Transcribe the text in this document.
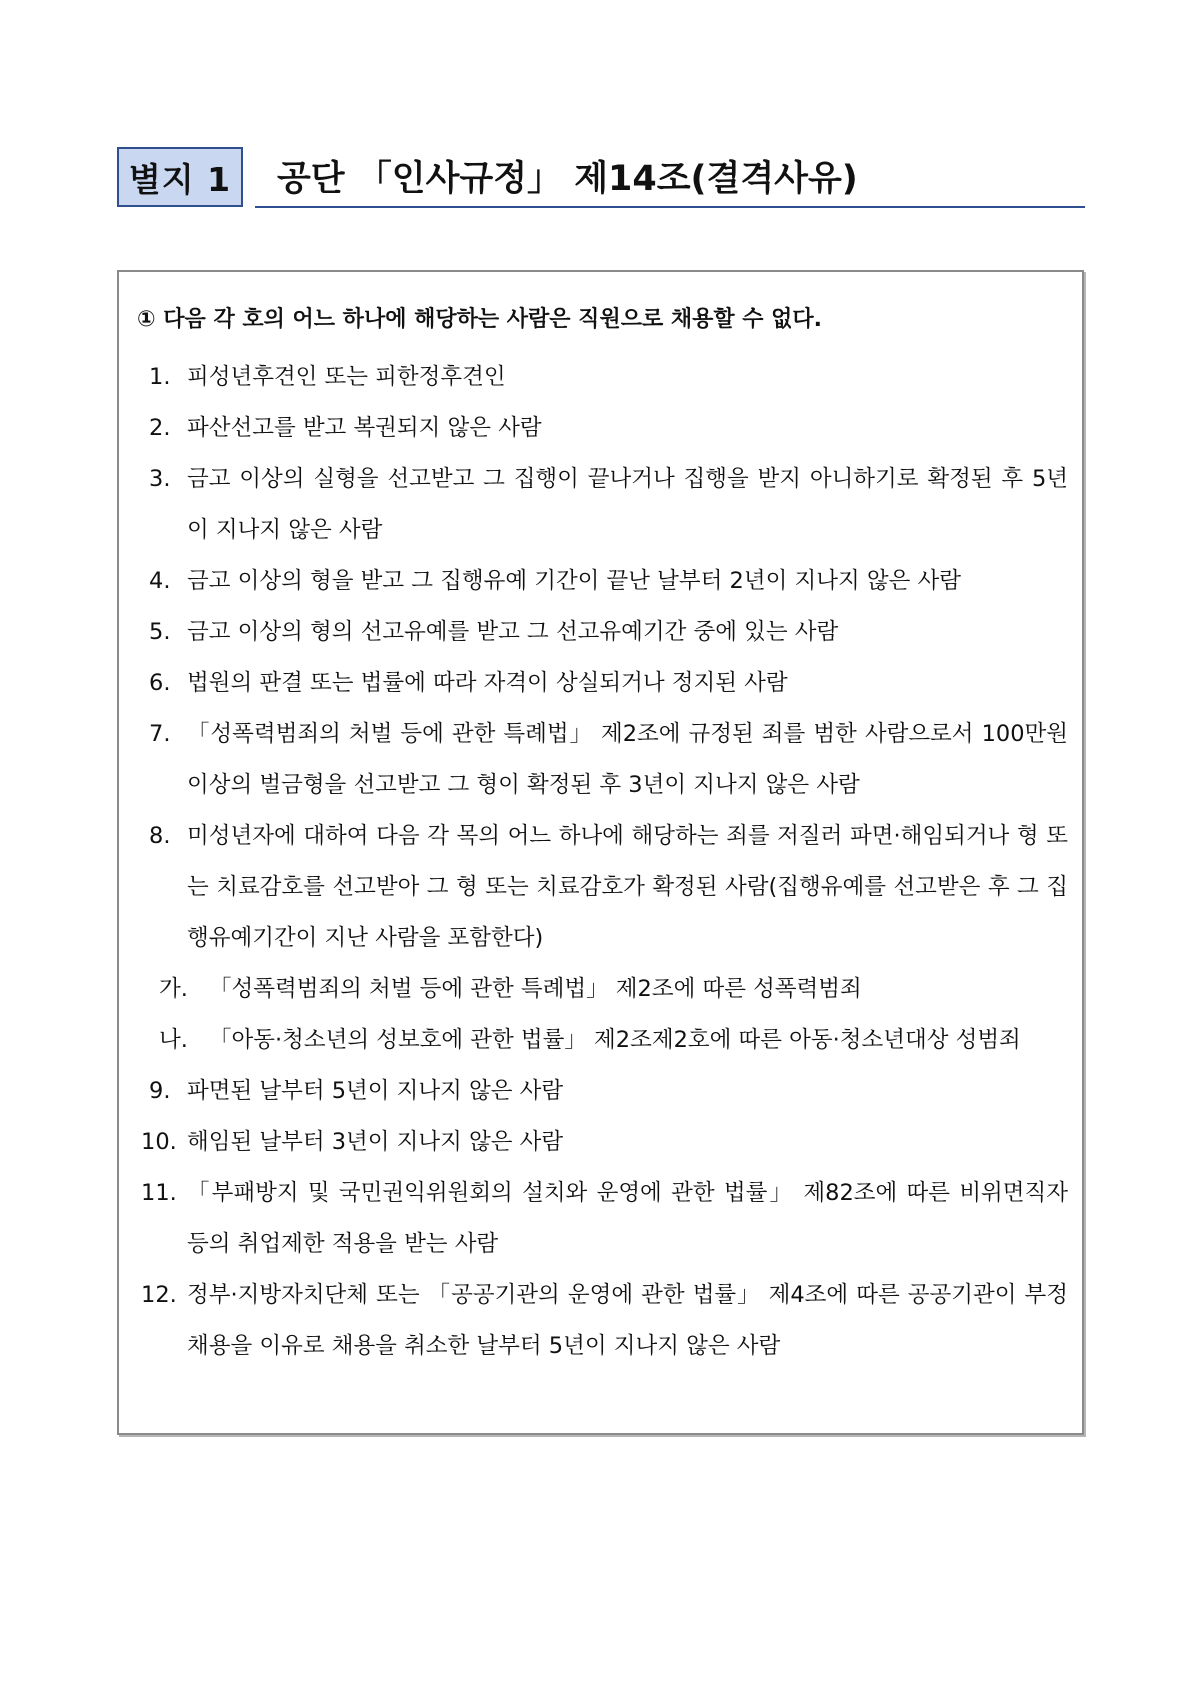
별지 1	공단 「인사규정」 제14조(결격사유)
① 다음 각 호의 어느 하나에 해당하는 사람은 직원으로 채용할 수 없다.
1. 피성년후견인 또는 피한정후견인
2. 파산선고를 받고 복권되지 않은 사람
3. 금고 이상의 실형을 선고받고 그 집행이 끝나거나 집행을 받지 아니하기로 확정된 후 5년이 지나지 않은 사람
4. 금고 이상의 형을 받고 그 집행유예 기간이 끝난 날부터 2년이 지나지 않은 사람
5. 금고 이상의 형의 선고유예를 받고 그 선고유예기간 중에 있는 사람
6. 법원의 판결 또는 법률에 따라 자격이 상실되거나 정지된 사람
7. 「성폭력범죄의 처벌 등에 관한 특례법」 제2조에 규정된 죄를 범한 사람으로서 100만원 이상의 벌금형을 선고받고 그 형이 확정된 후 3년이 지나지 않은 사람
8. 미성년자에 대하여 다음 각 목의 어느 하나에 해당하는 죄를 저질러 파면·해임되거나 형 또는 치료감호를 선고받아 그 형 또는 치료감호가 확정된 사람(집행유예를 선고받은 후 그 집행유예기간이 지난 사람을 포함한다)
가. 「성폭력범죄의 처벌 등에 관한 특례법」 제2조에 따른 성폭력범죄
나. 「아동·청소년의 성보호에 관한 법률」 제2조제2호에 따른 아동·청소년대상 성범죄
9. 파면된 날부터 5년이 지나지 않은 사람
10. 해임된 날부터 3년이 지나지 않은 사람
11. 「부패방지 및 국민권익위원회의 설치와 운영에 관한 법률」 제82조에 따른 비위면직자 등의 취업제한 적용을 받는 사람
12. 정부·지방자치단체 또는 「공공기관의 운영에 관한 법률」 제4조에 따른 공공기관이 부정채용을 이유로 채용을 취소한 날부터 5년이 지나지 않은 사람
